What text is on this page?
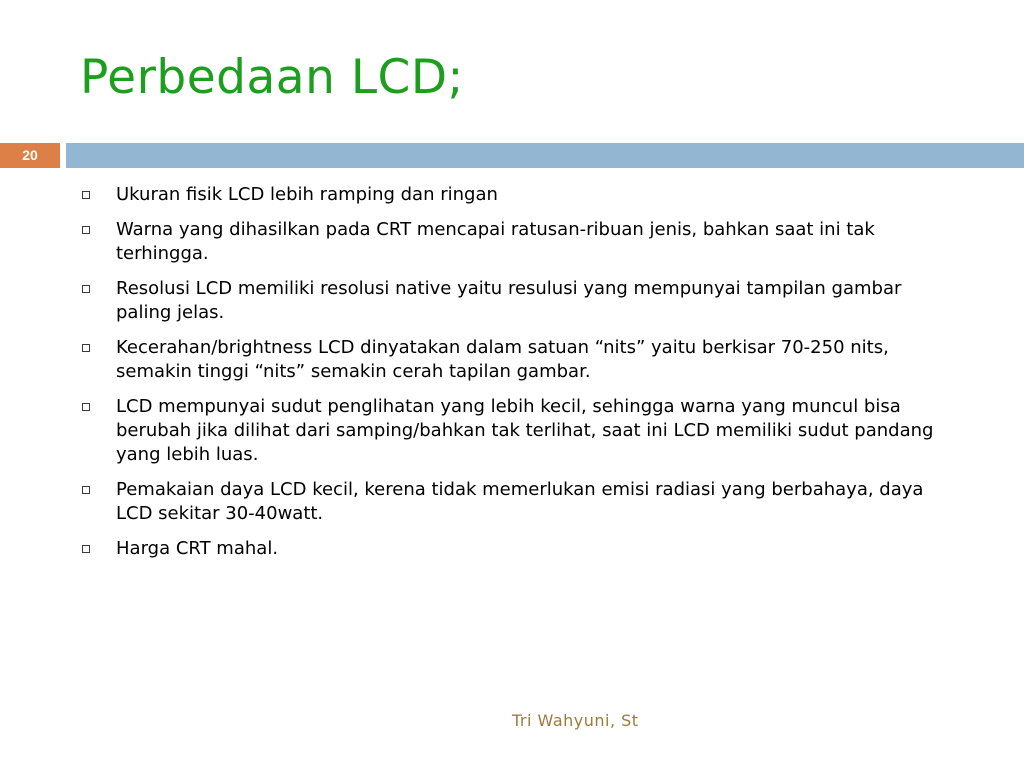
Perbedaan LCD;
20
Ukuran fisik LCD lebih ramping dan ringan
Warna yang dihasilkan pada CRT mencapai ratusan-ribuan jenis, bahkan saat ini tak terhingga.
Resolusi LCD memiliki resolusi native yaitu resulusi yang mempunyai tampilan gambar paling jelas.
Kecerahan/brightness LCD dinyatakan dalam satuan “nits” yaitu berkisar 70-250 nits, semakin tinggi “nits” semakin cerah tapilan gambar.
LCD mempunyai sudut penglihatan yang lebih kecil, sehingga warna yang muncul bisa berubah jika dilihat dari samping/bahkan tak terlihat, saat ini LCD memiliki sudut pandang yang lebih luas.
Pemakaian daya LCD kecil, kerena tidak memerlukan emisi radiasi yang berbahaya, daya LCD sekitar 30-40watt.
Harga CRT mahal.
Tri Wahyuni, St
